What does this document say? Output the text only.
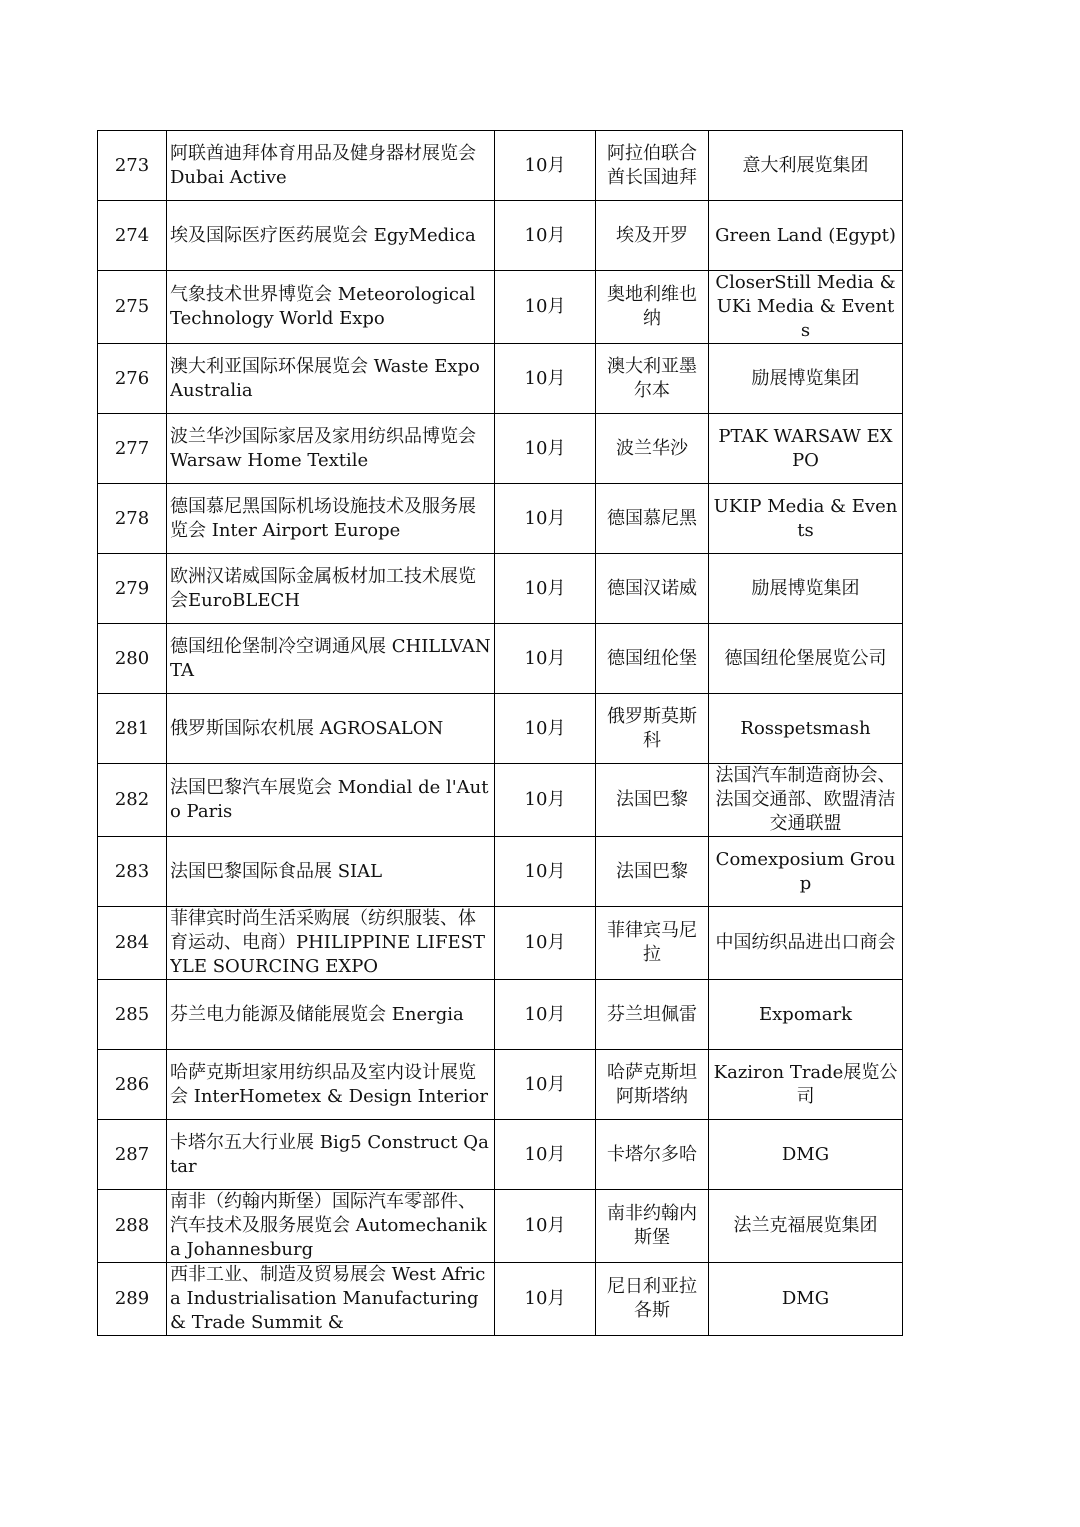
273	阿联酋迪拜体育用品及健身器材展览会 Dubai Active	10月	阿拉伯联合酋长国迪拜	意大利展览集团

274	埃及国际医疗医药展览会 EgyMedica	10月	埃及开罗	Green Land (Egypt)

275	气象技术世界博览会 Meteorological Technology World Expo	10月	奥地利维也纳	CloserStill Media & UKi Media & Events

276	澳大利亚国际环保展览会 Waste Expo Australia	10月	澳大利亚墨尔本	励展博览集团

277	波兰华沙国际家居及家用纺织品博览会 Warsaw Home Textile	10月	波兰华沙	PTAK WARSAW EXPO

278	德国慕尼黑国际机场设施技术及服务展览会 Inter Airport Europe	10月	德国慕尼黑	UKIP Media & Events

279	欧洲汉诺威国际金属板材加工技术展览会EuroBLECH	10月	德国汉诺威	励展博览集团

280	德国纽伦堡制冷空调通风展 CHILLVANTA	10月	德国纽伦堡	德国纽伦堡展览公司

281	俄罗斯国际农机展 AGROSALON	10月	俄罗斯莫斯科	Rosspetsmash

282	法国巴黎汽车展览会 Mondial de l'Auto Paris	10月	法国巴黎	法国汽车制造商协会、法国交通部、欧盟清洁交通联盟

283	法国巴黎国际食品展 SIAL	10月	法国巴黎	Comexposium Group

284	菲律宾时尚生活采购展（纺织服装、体育运动、电商）PHILIPPINE LIFESTYLE SOURCING EXPO	10月	菲律宾马尼拉	中国纺织品进出口商会

285	芬兰电力能源及储能展览会 Energia	10月	芬兰坦佩雷	Expomark

286	哈萨克斯坦家用纺织品及室内设计展览会 InterHometex & Design Interior	10月	哈萨克斯坦阿斯塔纳	Kaziron Trade展览公司

287	卡塔尔五大行业展 Big5 Construct Qatar	10月	卡塔尔多哈	DMG

288	南非（约翰内斯堡）国际汽车零部件、汽车技术及服务展览会 Automechanika Johannesburg	10月	南非约翰内斯堡	法兰克福展览集团

289	西非工业、制造及贸易展会 West Africa Industrialisation Manufacturing & Trade Summit &	10月	尼日利亚拉各斯	DMG
